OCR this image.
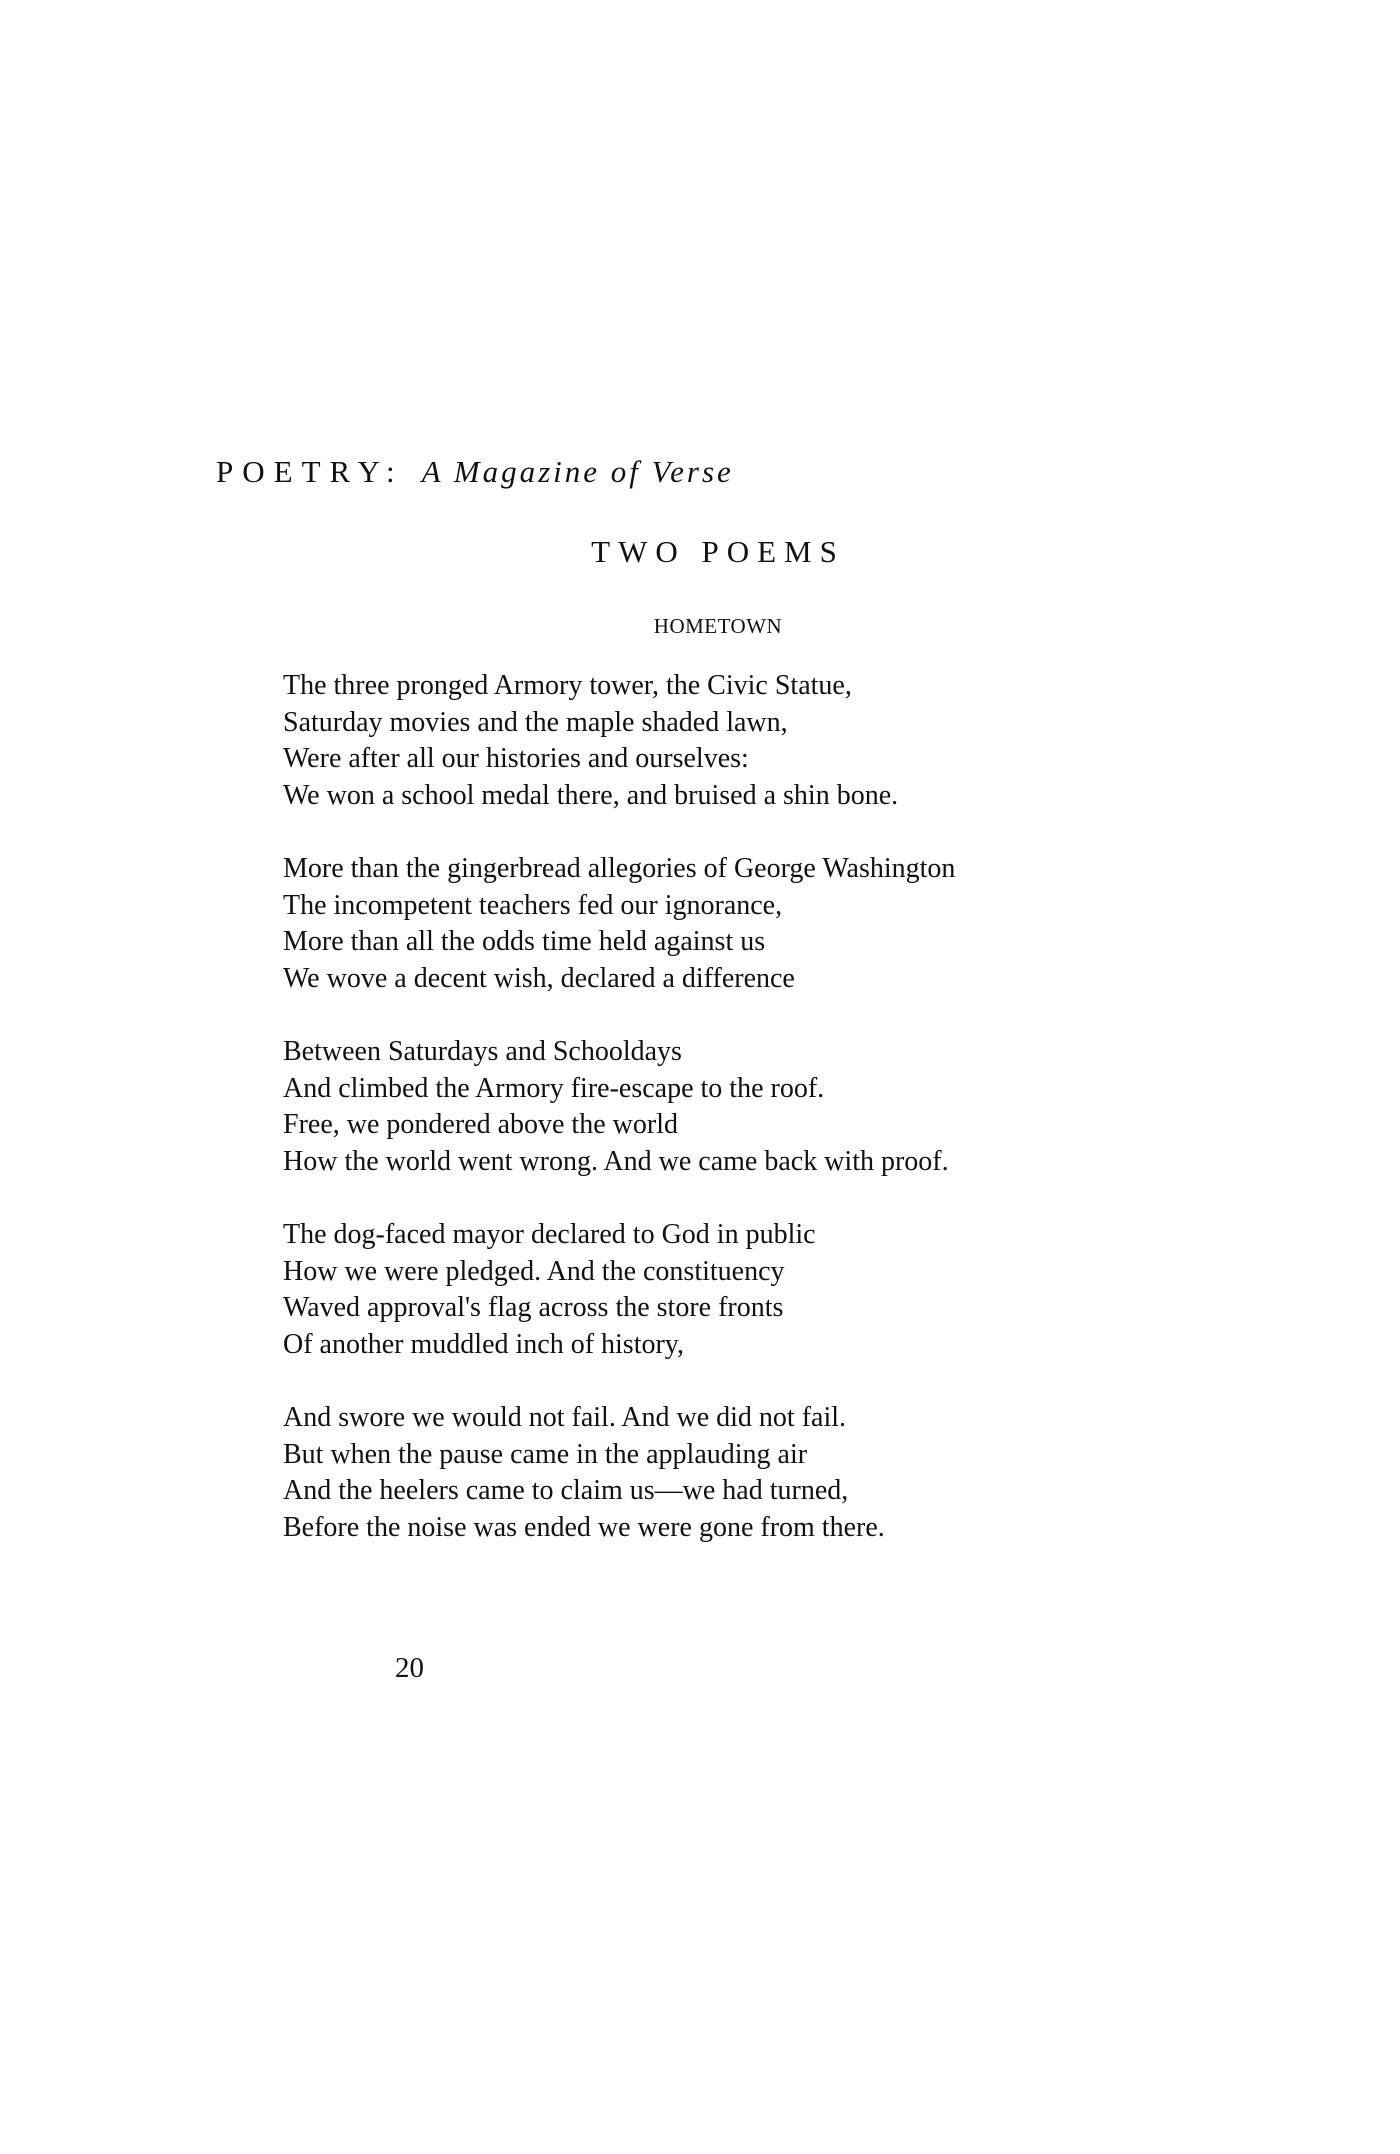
POETRY: A Magazine of Verse
TWO POEMS
HOMETOWN
The three pronged Armory tower, the Civic Statue,
Saturday movies and the maple shaded lawn,
Were after all our histories and ourselves:
We won a school medal there, and bruised a shin bone.
More than the gingerbread allegories of George Washington
The incompetent teachers fed our ignorance,
More than all the odds time held against us
We wove a decent wish, declared a difference
Between Saturdays and Schooldays
And climbed the Armory fire-escape to the roof.
Free, we pondered above the world
How the world went wrong. And we came back with proof.
The dog-faced mayor declared to God in public
How we were pledged. And the constituency
Waved approval's flag across the store fronts
Of another muddled inch of history,
And swore we would not fail. And we did not fail.
But when the pause came in the applauding air
And the heelers came to claim us—we had turned,
Before the noise was ended we were gone from there.
20
